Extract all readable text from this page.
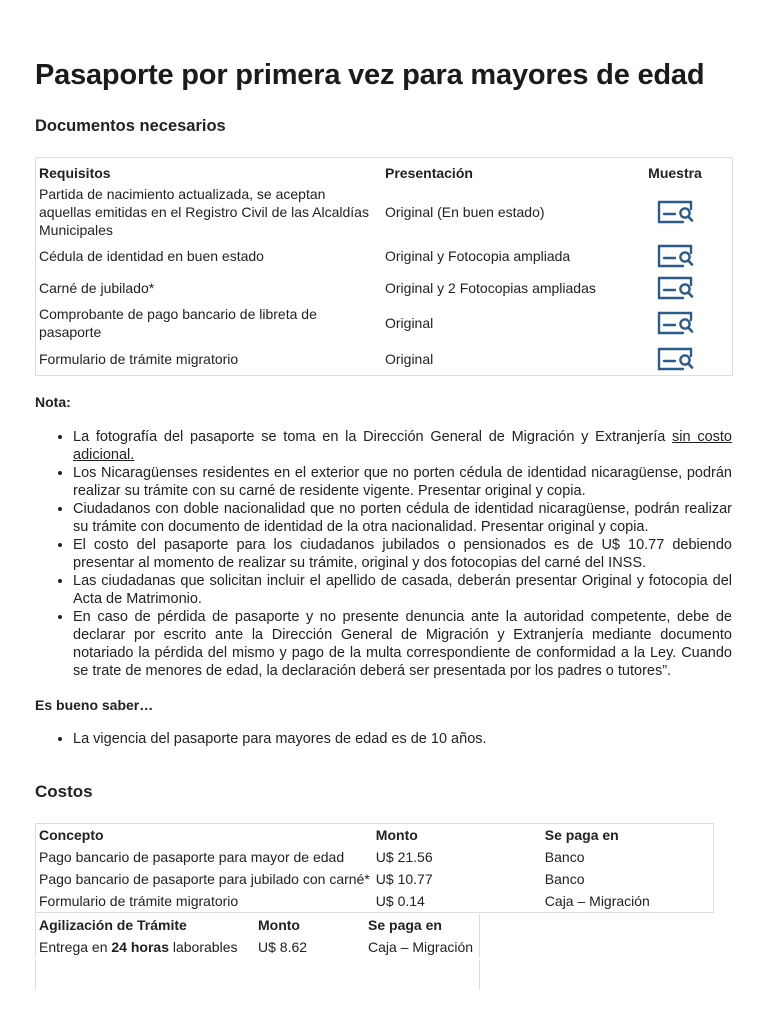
Pasaporte por primera vez para mayores de edad
Documentos necesarios
Requisitos	Presentación	Muestra
Partida de nacimiento actualizada, se aceptan aquellas emitidas en el Registro Civil de las Alcaldías Municipales	Original (En buen estado)	
Cédula de identidad en buen estado	Original y Fotocopia ampliada	
Carné de jubilado*	Original y 2 Fotocopias ampliadas	
Comprobante de pago bancario de libreta de pasaporte	Original	
Formulario de trámite migratorio	Original	
Nota:
• La fotografía del pasaporte se toma en la Dirección General de Migración y Extranjería sin costo adicional.
• Los Nicaragüenses residentes en el exterior que no porten cédula de identidad nicaragüense, podrán realizar su trámite con su carné de residente vigente. Presentar original y copia.
• Ciudadanos con doble nacionalidad que no porten cédula de identidad nicaragüense, podrán realizar su trámite con documento de identidad de la otra nacionalidad. Presentar original y copia.
• El costo del pasaporte para los ciudadanos jubilados o pensionados es de U$ 10.77 debiendo presentar al momento de realizar su trámite, original y dos fotocopias del carné del INSS.
• Las ciudadanas que solicitan incluir el apellido de casada, deberán presentar Original y fotocopia del Acta de Matrimonio.
• En caso de pérdida de pasaporte y no presente denuncia ante la autoridad competente, debe de declarar por escrito ante la Dirección General de Migración y Extranjería mediante documento notariado la pérdida del mismo y pago de la multa correspondiente de conformidad a la Ley. Cuando se trate de menores de edad, la declaración deberá ser presentada por los padres o tutores”.
Es bueno saber…
• La vigencia del pasaporte para mayores de edad es de 10 años.
Costos
Concepto	Monto	Se paga en
Pago bancario de pasaporte para mayor de edad	U$ 21.56	Banco
Pago bancario de pasaporte para jubilado con carné*	U$ 10.77	Banco
Formulario de trámite migratorio	U$ 0.14	Caja – Migración
Agilización de Trámite	Monto	Se paga en
Entrega en 24 horas laborables	U$ 8.62	Caja – Migración
